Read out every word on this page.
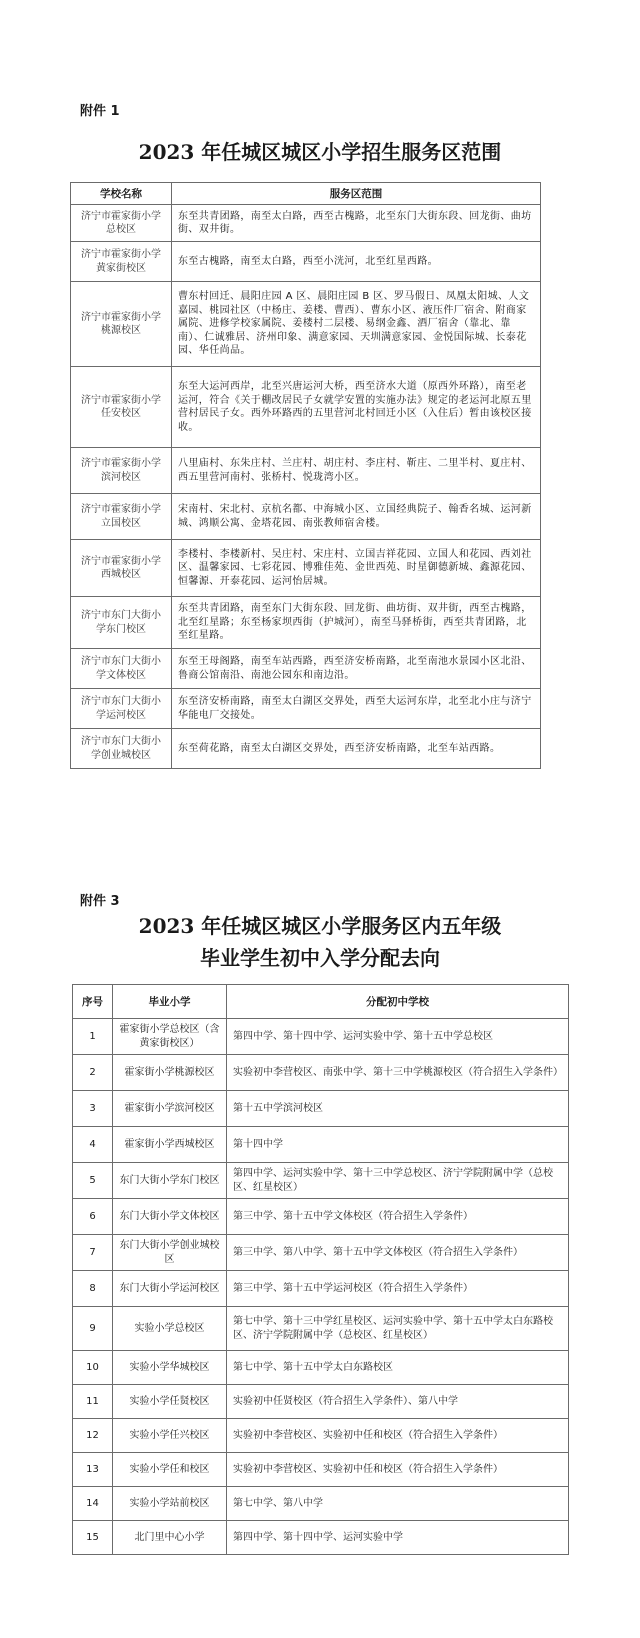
附件 1
2023 年任城区城区小学招生服务区范围
学校名称	服务区范围
济宁市霍家街小学总校区	东至共青团路，南至太白路，西至古槐路，北至东门大街东段、回龙街、曲坊街、双井街。
济宁市霍家街小学黄家街校区	东至古槐路，南至太白路，西至小洸河，北至红星西路。
济宁市霍家街小学桃源校区	曹东村回迁、晨阳庄园 A 区、晨阳庄园 B 区、罗马假日、凤凰太阳城、人文嘉园、桃园社区（中杨庄、姜楼、曹西）、曹东小区、液压件厂宿舍、附商家属院、进修学校家属院、姜楼村二层楼、易纲金鑫、酒厂宿舍（靠北、靠南）、仁诚雅居、济州印象、满意家园、天圳满意家园、金悦国际城、长泰花园、华任尚品。
济宁市霍家街小学任安校区	东至大运河西岸，北至兴唐运河大桥，西至济水大道（原西外环路），南至老运河，符合《关于棚改居民子女就学安置的实施办法》规定的老运河北原五里营村居民子女。西外环路西的五里营河北村回迁小区（入住后）暂由该校区接收。
济宁市霍家街小学滨河校区	八里庙村、东朱庄村、兰庄村、胡庄村、李庄村、靳庄、二里半村、夏庄村、西五里营河南村、张桥村、悦珑湾小区。
济宁市霍家街小学立国校区	宋南村、宋北村、京杭名都、中海城小区、立国经典院子、翰香名城、运河新城、鸿顺公寓、金塔花园、南张教师宿舍楼。
济宁市霍家街小学西城校区	李楼村、李楼新村、吴庄村、宋庄村、立国吉祥花园、立国人和花园、西刘社区、温馨家园、七彩花园、博雅佳苑、金世西苑、时星御德新城、鑫源花园、恒馨源、开泰花园、运河怡居城。
济宁市东门大街小学东门校区	东至共青团路，南至东门大街东段、回龙街、曲坊街、双井街，西至古槐路，北至红星路；东至杨家坝西街（护城河），南至马驿桥街，西至共青团路，北至红星路。
济宁市东门大街小学文体校区	东至王母阁路，南至车站西路，西至济安桥南路，北至南池水景园小区北沿、鲁商公馆南沿、南池公园东和南边沿。
济宁市东门大街小学运河校区	东至济安桥南路，南至太白湖区交界处，西至大运河东岸，北至北小庄与济宁华能电厂交接处。
济宁市东门大街小学创业城校区	东至荷花路，南至太白湖区交界处，西至济安桥南路，北至车站西路。
附件 3
2023 年任城区城区小学服务区内五年级
毕业学生初中入学分配去向
序号	毕业小学	分配初中学校
1	霍家街小学总校区（含黄家街校区）	第四中学、第十四中学、运河实验中学、第十五中学总校区
2	霍家街小学桃源校区	实验初中李营校区、南张中学、第十三中学桃源校区（符合招生入学条件）
3	霍家街小学滨河校区	第十五中学滨河校区
4	霍家街小学西城校区	第十四中学
5	东门大街小学东门校区	第四中学、运河实验中学、第十三中学总校区、济宁学院附属中学（总校区、红星校区）
6	东门大街小学文体校区	第三中学、第十五中学文体校区（符合招生入学条件）
7	东门大街小学创业城校区	第三中学、第八中学、第十五中学文体校区（符合招生入学条件）
8	东门大街小学运河校区	第三中学、第十五中学运河校区（符合招生入学条件）
9	实验小学总校区	第七中学、第十三中学红星校区、运河实验中学、第十五中学太白东路校区、济宁学院附属中学（总校区、红星校区）
10	实验小学华城校区	第七中学、第十五中学太白东路校区
11	实验小学任贤校区	实验初中任贤校区（符合招生入学条件）、第八中学
12	实验小学任兴校区	实验初中李营校区、实验初中任和校区（符合招生入学条件）
13	实验小学任和校区	实验初中李营校区、实验初中任和校区（符合招生入学条件）
14	实验小学站前校区	第七中学、第八中学
15	北门里中心小学	第四中学、第十四中学、运河实验中学
